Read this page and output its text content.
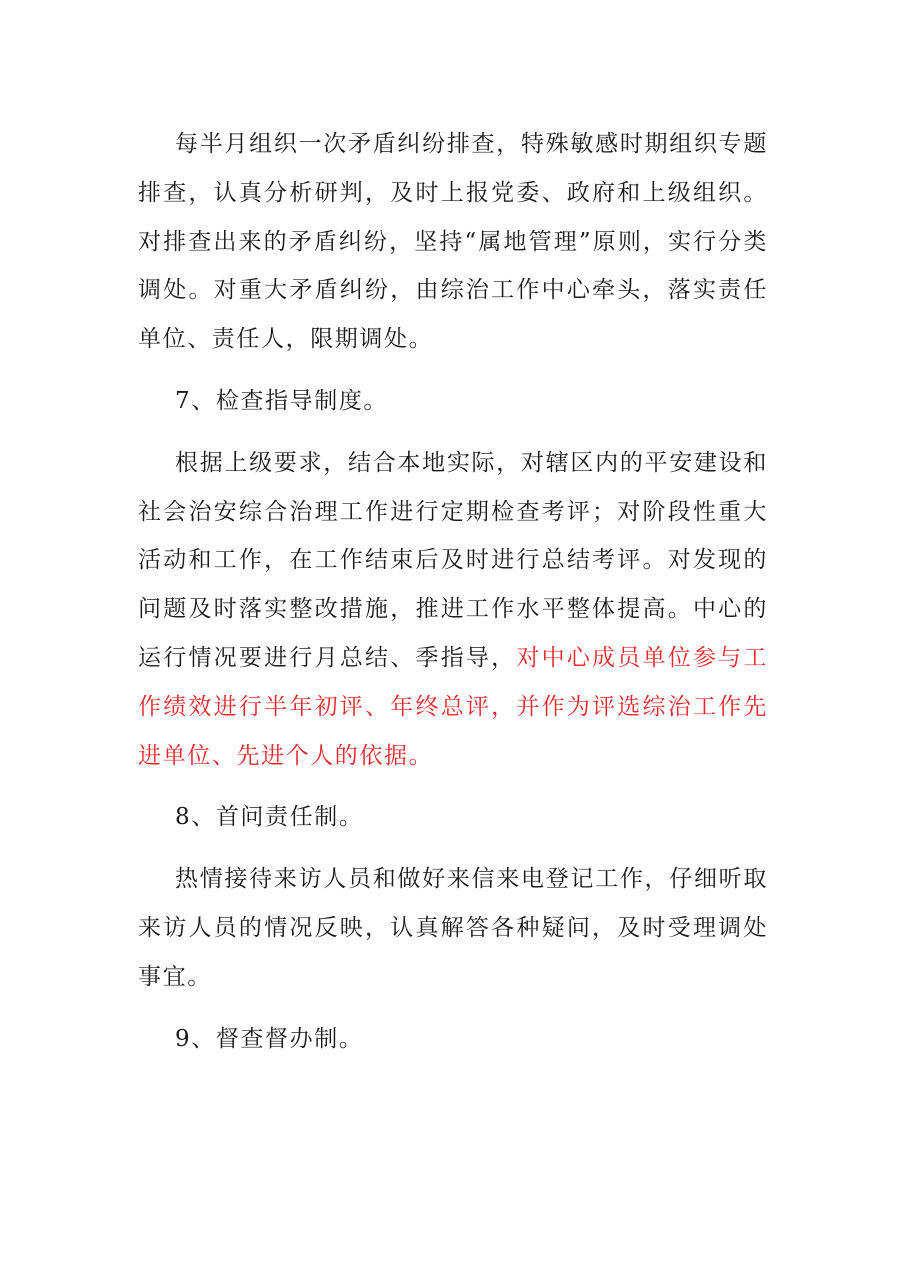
每半月组织一次矛盾纠纷排查，特殊敏感时期组织专题排查，认真分析研判，及时上报党委、政府和上级组织。对排查出来的矛盾纠纷，坚持“属地管理”原则，实行分类调处。对重大矛盾纠纷，由综治工作中心牵头，落实责任单位、责任人，限期调处。

7、检查指导制度。

根据上级要求，结合本地实际，对辖区内的平安建设和社会治安综合治理工作进行定期检查考评；对阶段性重大活动和工作，在工作结束后及时进行总结考评。对发现的问题及时落实整改措施，推进工作水平整体提高。中心的运行情况要进行月总结、季指导，对中心成员单位参与工作绩效进行半年初评、年终总评，并作为评选综治工作先进单位、先进个人的依据。

8、首问责任制。

热情接待来访人员和做好来信来电登记工作，仔细听取来访人员的情况反映，认真解答各种疑问，及时受理调处事宜。

9、督查督办制。
